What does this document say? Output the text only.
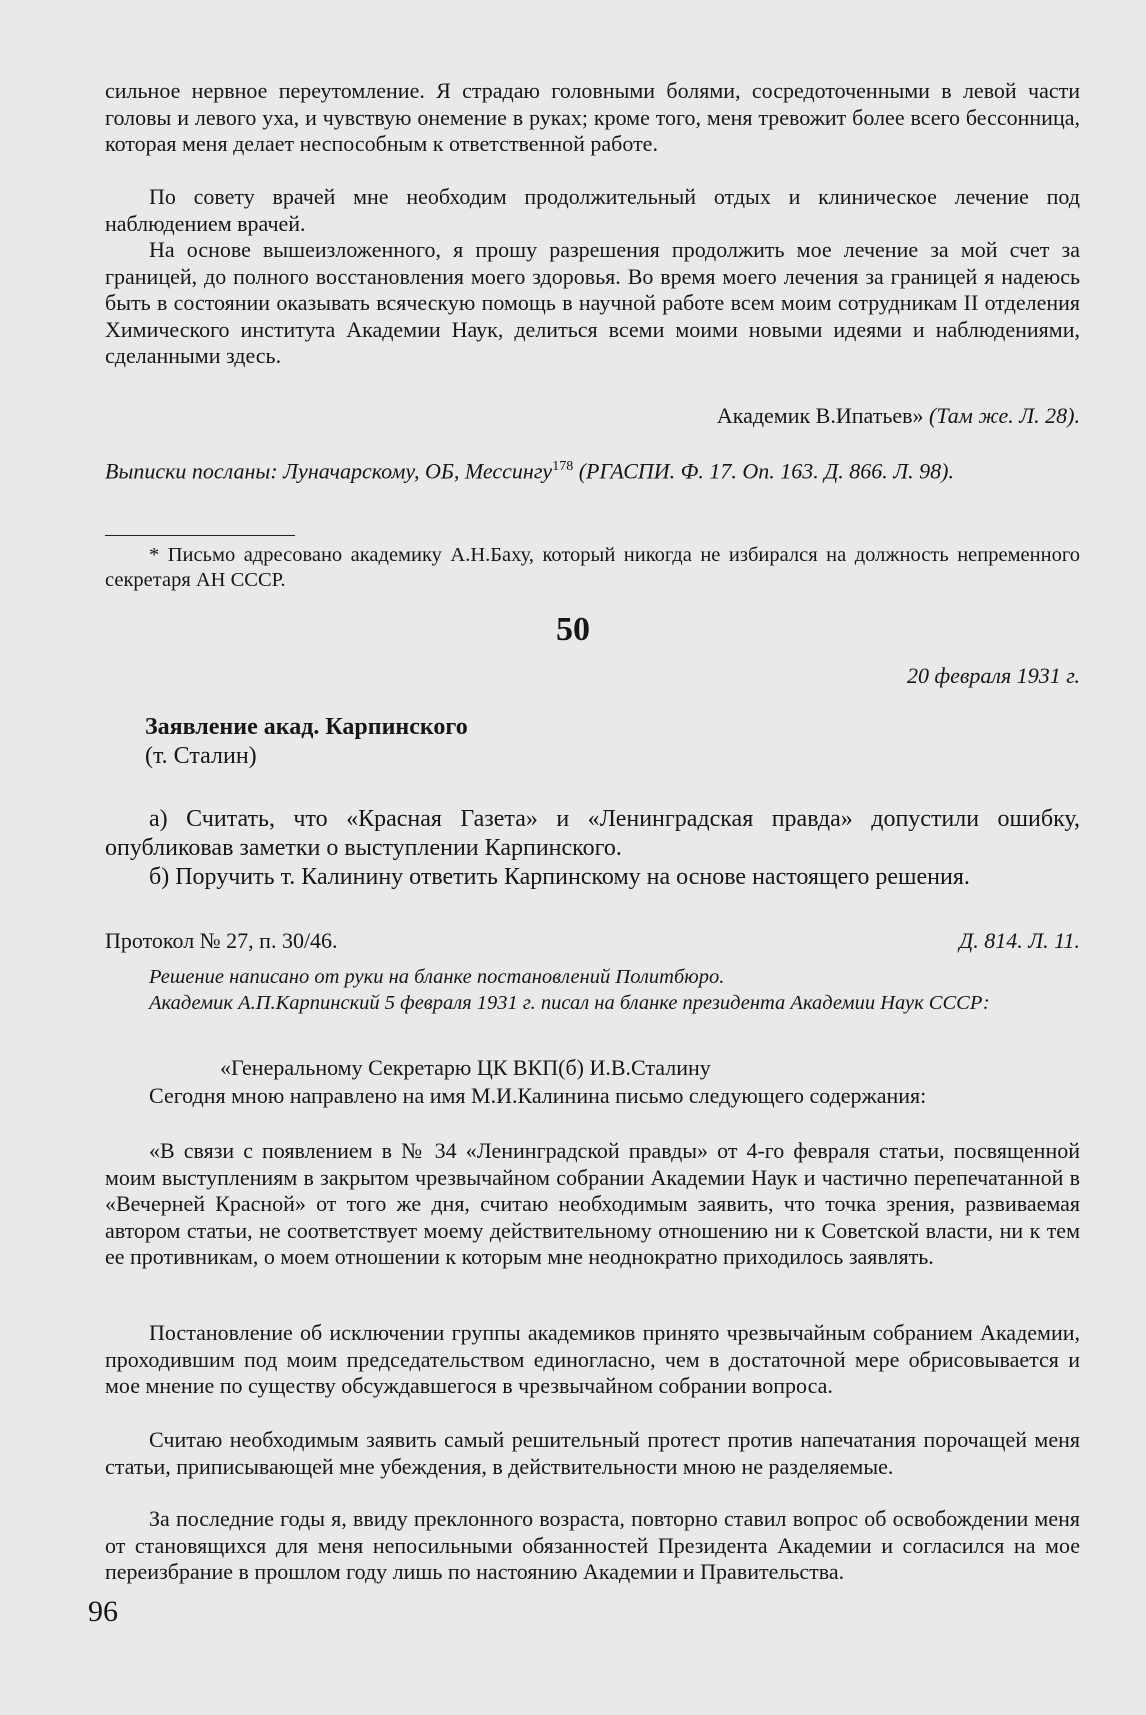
сильное нервное переутомление. Я страдаю головными болями, сосредоточенными в левой части головы и левого уха, и чувствую онемение в руках; кроме того, меня тревожит более всего бессонница, которая меня делает неспособным к ответственной работе.

По совету врачей мне необходим продолжительный отдых и клиническое лечение под наблюдением врачей.

На основе вышеизложенного, я прошу разрешения продолжить мое лечение за мой счет за границей, до полного восстановления моего здоровья. Во время моего лечения за границей я надеюсь быть в состоянии оказывать всяческую помощь в научной работе всем моим сотрудникам II отделения Химического института Академии Наук, делиться всеми моими новыми идеями и наблюдениями, сделанными здесь.

Академик В.Ипатьев» (Там же. Л. 28).

Выписки посланы: Луначарскому, ОБ, Месcингу$^{178}$ (РГАСПИ. Ф. 17. Оп. 163. Д. 866. Л. 98).

* Письмо адресовано академику А.Н.Баху, который никогда не избирался на должность непременного секретаря АН СССР.

50

20 февраля 1931 г.

Заявление акад. Карпинского

(т. Сталин)

а) Считать, что «Красная Газета» и «Ленинградская правда» допустили ошибку, опубликовав заметки о выступлении Карпинского.

б) Поручить т. Калинину ответить Карпинскому на основе настоящего решения.

Протокол № 27, п. 30/46.	Д. 814. Л. 11.

Решение написано от руки на бланке постановлений Политбюро.

Академик А.П.Карпинский 5 февраля 1931 г. писал на бланке президента Академии Наук СССР:

«Генеральному Секретарю ЦК ВКП(б) И.В.Сталину

Сегодня мною направлено на имя М.И.Калинина письмо следующего содержания:

«В связи с появлением в № 34 «Ленинградской правды» от 4-го февраля статьи, посвященной моим выступлениям в закрытом чрезвычайном собрании Академии Наук и частично перепечатанной в «Вечерней Красной» от того же дня, считаю необходимым заявить, что точка зрения, развиваемая автором статьи, не соответствует моему действительному отношению ни к Советской власти, ни к тем ее противникам, о моем отношении к которым мне неоднократно приходилось заявлять.

Постановление об исключении группы академиков принято чрезвычайным собранием Академии, проходившим под моим председательством единогласно, чем в достаточной мере обрисовывается и мое мнение по существу обсуждавшегося в чрезвычайном собрании вопроса.

Считаю необходимым заявить самый решительный протест против напечатания порочащей меня статьи, приписывающей мне убеждения, в действительности мною не разделяемые.

За последние годы я, ввиду преклонного возраста, повторно ставил вопрос об освобождении меня от становящихся для меня непосильными обязанностей Президента Академии и согласился на мое переизбрание в прошлом году лишь по настоянию Академии и Правительства.

96
